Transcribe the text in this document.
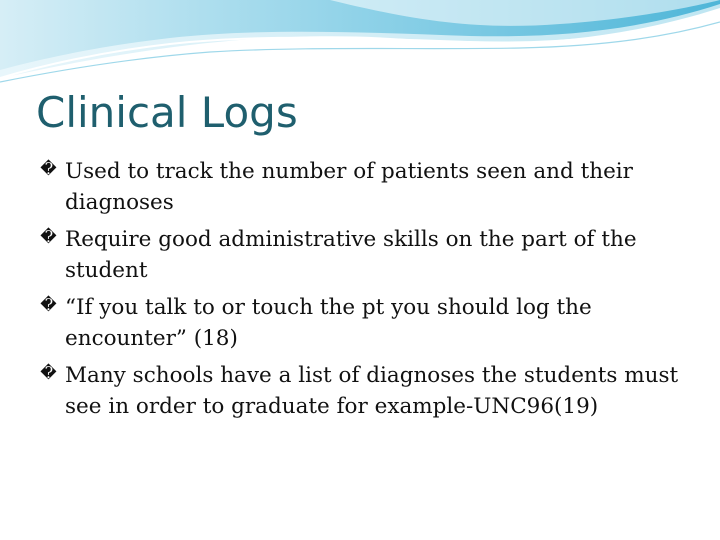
Clinical Logs
� Used to track the number of patients seen and their diagnoses
� Require good administrative skills on the part of the student
� “If you talk to or touch the pt you should log the encounter” (18)
� Many schools have a list of diagnoses the students must see in order to graduate for example-UNC96(19)
